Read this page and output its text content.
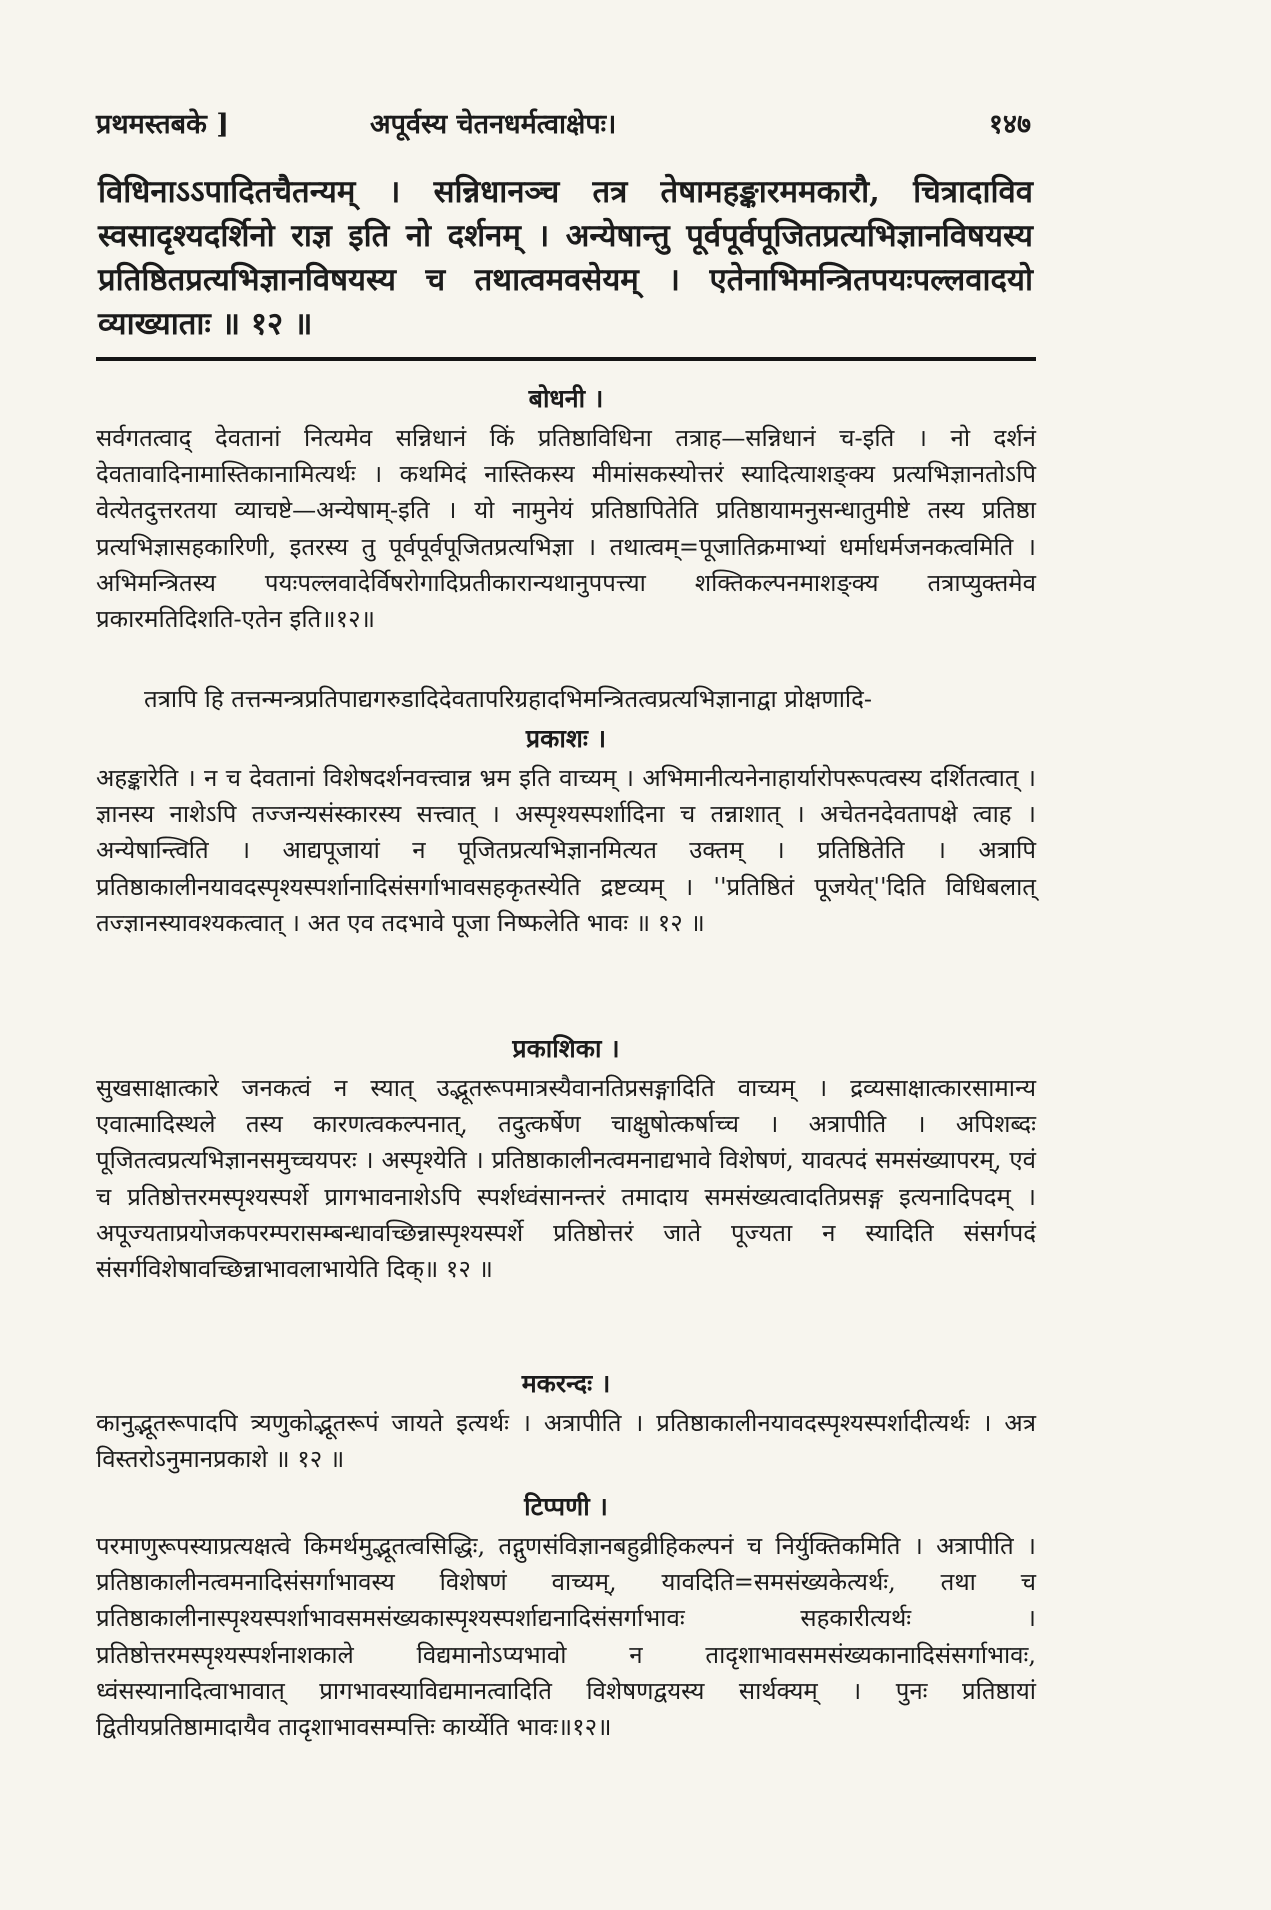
प्रथमस्तबके ]	अपूर्वस्य चेतनधर्मत्वाक्षेपः।	१४७

विधिनाऽऽपादितचैतन्यम् । सन्निधानञ्च तत्र तेषामहङ्कारममकारौ, चित्रादाविव स्वसादृश्यदर्शिनो राज्ञ इति नो दर्शनम् । अन्येषान्तु पूर्वपूर्वपूजितप्रत्यभिज्ञानविषयस्य प्रतिष्ठितप्रत्यभिज्ञानविषयस्य च तथात्वमवसेयम् । एतेनाभिमन्त्रितपयःपल्लवादयो व्याख्याताः ॥ १२ ॥

बोधनी ।

सर्वगतत्वाद् देवतानां नित्यमेव सन्निधानं किं प्रतिष्ठाविधिना तत्राह—सन्निधानं च-इति । नो दर्शनं देवतावादिनामास्तिकानामित्यर्थः । कथमिदं नास्तिकस्य मीमांसकस्योत्तरं स्यादित्याशङ्क्य प्रत्यभिज्ञानतोऽपि वेत्येतदुत्तरतया व्याचष्टे—अन्येषाम्-इति । यो नामुनेयं प्रतिष्ठापितेति प्रतिष्ठायामनुसन्धातुमीष्टे तस्य प्रतिष्ठा प्रत्यभिज्ञासहकारिणी, इतरस्य तु पूर्वपूर्वपूजितप्रत्यभिज्ञा । तथात्वम्=पूजातिक्रमाभ्यां धर्माधर्मजनकत्वमिति । अभिमन्त्रितस्य पयःपल्लवादेर्विषरोगादिप्रतीकारान्यथानुपपत्त्या शक्तिकल्पनमाशङ्क्य तत्राप्युक्तमेव प्रकारमतिदिशति-एतेन इति॥१२॥

तत्रापि हि तत्तन्मन्त्रप्रतिपाद्यगरुडादिदेवतापरिग्रहादभिमन्त्रितत्वप्रत्यभिज्ञानाद्वा प्रोक्षणादि-

प्रकाशः ।

अहङ्कारेति । न च देवतानां विशेषदर्शनवत्त्वान्न भ्रम इति वाच्यम् । अभिमानीत्यनेनाहार्यारोपरूपत्वस्य दर्शितत्वात् । ज्ञानस्य नाशेऽपि तज्जन्यसंस्कारस्य सत्त्वात् । अस्पृश्यस्पर्शादिना च तन्नाशात् । अचेतनदेवतापक्षे त्वाह । अन्येषान्त्विति । आद्यपूजायां न पूजितप्रत्यभिज्ञानमित्यत उक्तम् । प्रतिष्ठितेति । अत्रापि प्रतिष्ठाकालीनयावदस्पृश्यस्पर्शानादिसंसर्गाभावसहकृतस्येति द्रष्टव्यम् । ''प्रतिष्ठितं पूजयेत्''दिति विधिबलात् तज्ज्ञानस्यावश्यकत्वात् । अत एव तदभावे पूजा निष्फलेति भावः ॥ १२ ॥

प्रकाशिका ।

सुखसाक्षात्कारे जनकत्वं न स्यात् उद्भूतरूपमात्रस्यैवानतिप्रसङ्गादिति वाच्यम् । द्रव्यसाक्षात्कारसामान्य एवात्मादिस्थले तस्य कारणत्वकल्पनात्, तदुत्कर्षेण चाक्षुषोत्कर्षाच्च । अत्रापीति । अपिशब्दः पूजितत्वप्रत्यभिज्ञानसमुच्चयपरः । अस्पृश्येति । प्रतिष्ठाकालीनत्वमनाद्यभावे विशेषणं, यावत्पदं समसंख्यापरम्, एवं च प्रतिष्ठोत्तरमस्पृश्यस्पर्शे प्रागभावनाशेऽपि स्पर्शध्वंसानन्तरं तमादाय समसंख्यत्वादतिप्रसङ्ग इत्यनादिपदम् । अपूज्यताप्रयोजकपरम्परासम्बन्धावच्छिन्नास्पृश्यस्पर्शे प्रतिष्ठोत्तरं जाते पूज्यता न स्यादिति संसर्गपदं संसर्गविशेषावच्छिन्नाभावलाभायेति दिक्॥ १२ ॥

मकरन्दः ।

कानुद्भूतरूपादपि त्र्यणुकोद्भूतरूपं जायते इत्यर्थः । अत्रापीति । प्रतिष्ठाकालीनयावदस्पृश्यस्पर्शादीत्यर्थः । अत्र विस्तरोऽनुमानप्रकाशे ॥ १२ ॥

टिप्पणी ।

परमाणुरूपस्याप्रत्यक्षत्वे किमर्थमुद्भूतत्वसिद्धिः, तद्गुणसंविज्ञानबहुव्रीहिकल्पनं च निर्युक्तिकमिति । अत्रापीति । प्रतिष्ठाकालीनत्वमनादिसंसर्गाभावस्य विशेषणं वाच्यम्, यावदिति=समसंख्यकेत्यर्थः, तथा च प्रतिष्ठाकालीनास्पृश्यस्पर्शाभावसमसंख्यकास्पृश्यस्पर्शाद्यनादिसंसर्गाभावः सहकारीत्यर्थः । प्रतिष्ठोत्तरमस्पृश्यस्पर्शनाशकाले विद्यमानोऽप्यभावो न तादृशाभावसमसंख्यकानादिसंसर्गाभावः, ध्वंसस्यानादित्वाभावात् प्रागभावस्याविद्यमानत्वादिति विशेषणद्वयस्य सार्थक्यम् । पुनः प्रतिष्ठायां द्वितीयप्रतिष्ठामादायैव तादृशाभावसम्पत्तिः कार्य्येति भावः॥१२॥
